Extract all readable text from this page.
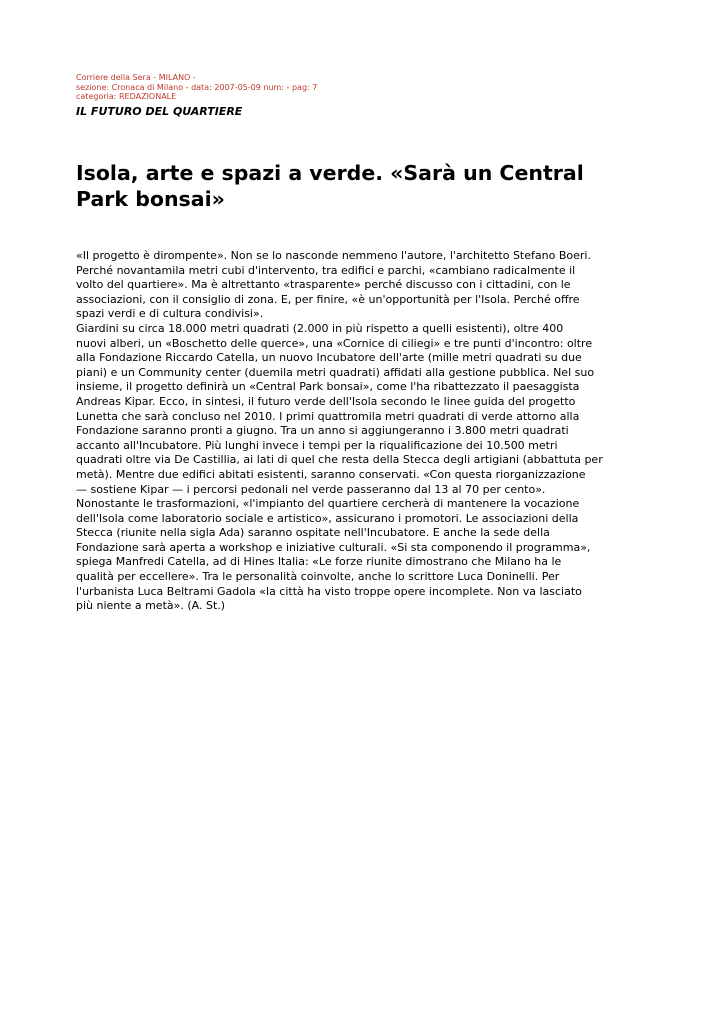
Corriere della Sera - MILANO -
sezione: Cronaca di Milano - data: 2007-05-09 num: - pag: 7
categoria: REDAZIONALE
IL FUTURO DEL QUARTIERE
Isola, arte e spazi a verde. «Sarà un Central
Park bonsai»
«Il progetto è dirompente». Non se lo nasconde nemmeno l'autore, l'architetto Stefano Boeri.
Perché novantamila metri cubi d'intervento, tra edifici e parchi, «cambiano radicalmente il
volto del quartiere». Ma è altrettanto «trasparente» perché discusso con i cittadini, con le
associazioni, con il consiglio di zona. E, per finire, «è un'opportunità per l'Isola. Perché offre
spazi verdi e di cultura condivisi».
Giardini su circa 18.000 metri quadrati (2.000 in più rispetto a quelli esistenti), oltre 400
nuovi alberi, un «Boschetto delle querce», una «Cornice di ciliegi» e tre punti d'incontro: oltre
alla Fondazione Riccardo Catella, un nuovo Incubatore dell'arte (mille metri quadrati su due
piani) e un Community center (duemila metri quadrati) affidati alla gestione pubblica. Nel suo
insieme, il progetto definirà un «Central Park bonsai», come l'ha ribattezzato il paesaggista
Andreas Kipar. Ecco, in sintesi, il futuro verde dell'Isola secondo le linee guida del progetto
Lunetta che sarà concluso nel 2010. I primi quattromila metri quadrati di verde attorno alla
Fondazione saranno pronti a giugno. Tra un anno si aggiungeranno i 3.800 metri quadrati
accanto all'Incubatore. Più lunghi invece i tempi per la riqualificazione dei 10.500 metri
quadrati oltre via De Castillia, ai lati di quel che resta della Stecca degli artigiani (abbattuta per
metà). Mentre due edifici abitati esistenti, saranno conservati. «Con questa riorganizzazione
— sostiene Kipar — i percorsi pedonali nel verde passeranno dal 13 al 70 per cento».
Nonostante le trasformazioni, «l'impianto del quartiere cercherà di mantenere la vocazione
dell'Isola come laboratorio sociale e artistico», assicurano i promotori. Le associazioni della
Stecca (riunite nella sigla Ada) saranno ospitate nell'Incubatore. E anche la sede della
Fondazione sarà aperta a workshop e iniziative culturali. «Si sta componendo il programma»,
spiega Manfredi Catella, ad di Hines Italia: «Le forze riunite dimostrano che Milano ha le
qualità per eccellere». Tra le personalità coinvolte, anche lo scrittore Luca Doninelli. Per
l'urbanista Luca Beltrami Gadola «la città ha visto troppe opere incomplete. Non va lasciato
più niente a metà». (A. St.)
